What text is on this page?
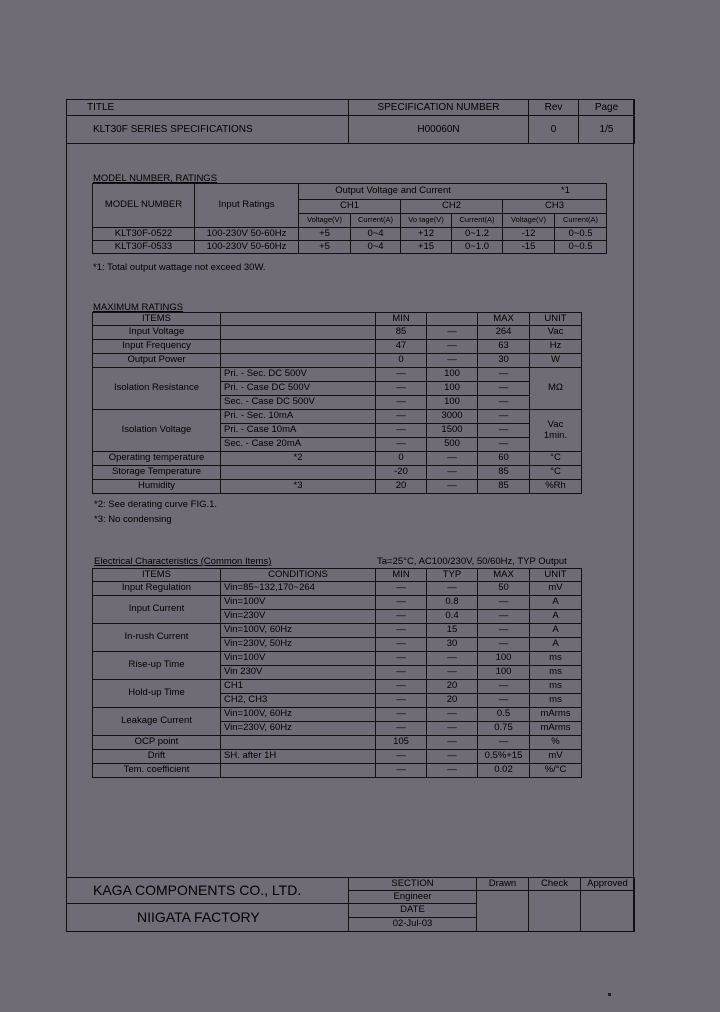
TITLE	SPECIFICATION NUMBER	Rev	Page
KLT30F SERIES SPECIFICATIONS	H00060N	0	1/5
MODEL NUMBER, RATINGS
MODEL NUMBER	Input Ratings	Output Voltage and Current *1					
		CH1		CH2		CH3	
		Voltage(V)	Current(A)	Vo tage(V)	Current(A)	Voltage(V)	Current(A)
KLT30F-0522	100-230V 50-60Hz	+5	0~4	+12	0~1.2	-12	0~0.5
KLT30F-0533	100-230V 50-60Hz	+5	0~4	+15	0~1.0	-15	0~0.5
*1: Total output wattage not exceed 30W.
MAXIMUM RATINGS
ITEMS		MIN		MAX	UNIT
Input Voltage		85	—	264	Vac
Input Frequency		47	—	63	Hz
Output Power		0	—	30	W
Isolation Resistance	Pri. - Sec. DC 500V	—	100	—	MΩ
	Pri. - Case DC 500V	—	100	—	
	Sec. - Case DC 500V	—	100	—	
Isolation Voltage	Pri. - Sec. 10mA	—	3000	—	Vac
1min.

	Pri. - Case 10mA	—	1500	—	
	Sec. - Case 20mA	—	500	—	
Operating temperature	*2	0	—	60	°C
Storage Temperature		-20	—	85	°C
Humidity	*3	20	—	85	%Rh
*2: See derating curve FIG.1.
*3: No condensing
Electrical Characteristics (Common Items)	Ta=25°C, AC100/230V, 50/60Hz, TYP Output
ITEMS	CONDITIONS	MIN	TYP	MAX	UNIT
Input Regulation	Vin=85~132,170~264	—	—	50	mV
Input Current	Vin=100V	—	0.8	—	A
	Vin=230V	—	0.4	—	A
In-rush Current	Vin=100V, 60Hz	—	15	—	A
	Vin=230V, 50Hz	—	30	—	A
Rise-up Time	Vin=100V	—	—	100	ms
	Vin 230V	—	—	100	ms
Hold-up Time	CH1	—	20	—	ms
	CH2, CH3	—	20	—	ms
Leakage Current	Vin=100V, 60Hz	—	—	0.5	mArms
	Vin=230V, 60Hz	—	—	0.75	mArms
OCP point		105	—	—	%
Drift	SH. after 1H	—	—	0.5%+15	mV
Tem. coefficient		—	—	0.02	%/°C
KAGA COMPONENTS CO., LTD.	SECTION	Drawn	Check	Approved
	Engineer			
NIIGATA FACTORY	DATE			
	02-Jul-03			
